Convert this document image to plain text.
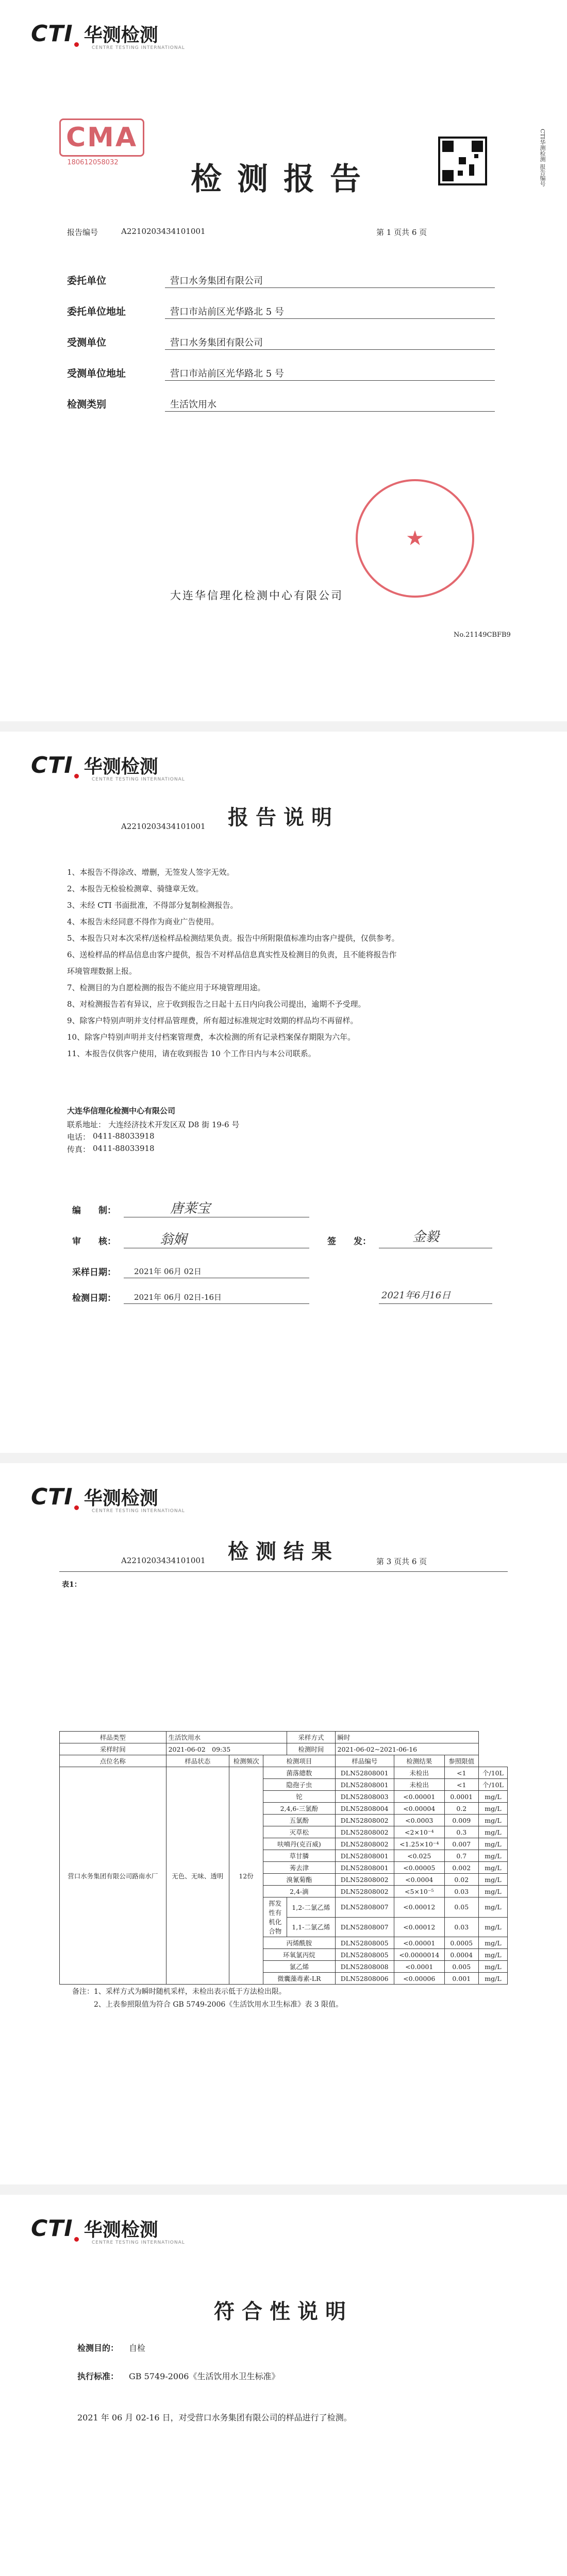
CTI 华测检测
CENTRE TESTING INTERNATIONAL
CMA
180612058032	检测报告	CTI华测检测 报告编号
报告编号	A2210203434101001	第 1 页共 6 页
委托单位	营口水务集团有限公司
委托单位地址	营口市站前区光华路北 5 号
受测单位	营口水务集团有限公司
受测单位地址	营口市站前区光华路北 5 号
检测类别	生活饮用水
★
大连华信理化检测中心有限公司
No.21149CBFB9
CTI 华测检测
CENTRE TESTING INTERNATIONAL
A2210203434101001	报告说明
1、本报告不得涂改、增删，无签发人签字无效。
2、本报告无检验检测章、骑缝章无效。
3、未经 CTI 书面批准，不得部分复制检测报告。
4、本报告未经同意不得作为商业广告使用。
5、本报告只对本次采样/送检样品检测结果负责。报告中所附限值标准均由客户提供，仅供参考。
6、送检样品的样品信息由客户提供，报告不对样品信息真实性及检测目的负责，且不能将报告作
环境管理数据上报。
7、检测目的为自愿检测的报告不能应用于环境管理用途。
8、对检测报告若有异议，应于收到报告之日起十五日内向我公司提出，逾期不予受理。
9、除客户特别声明并支付样品管理费，所有超过标准规定时效期的样品均不再留样。
10、除客户特别声明并支付档案管理费，本次检测的所有记录档案保存期限为六年。
11、本报告仅供客户使用，请在收到报告 10 个工作日内与本公司联系。
大连华信理化检测中心有限公司
联系地址： 大连经济技术开发区双 D8 街 19-6 号
电话： 0411-88033918
传真： 0411-88033918
编　　制：	唐莱宝
审　　核：	翁娴	签　　发：	金毅
采样日期： 2021年 06月 02日
检测日期： 2021年 06月 02日-16日	2021年6月16日
CTI 华测检测
CENTRE TESTING INTERNATIONAL
A2210203434101001	检测结果	第 3 页共 6 页
表1：
样品类型	生活饮用水			采样方式	瞬时			
采样时间	2021-06-02　09:35			检测时间	2021-06-02~2021-06-16			
点位名称	样品状态	检测频次	检测项目		样品编号	检测结果	参照限值	
营口水务集团有限公司路南水厂	无色、无味、透明	12份	菌落總数		DLN52808001	未检出	<1	个/10L
			隐孢子虫		DLN52808001	未检出	<1	个/10L
			铊		DLN52808003	<0.00001	0.0001	mg/L
			2,4,6-三氯酚		DLN52808004	<0.00004	0.2	mg/L
			五氯酚		DLN52808002	<0.0003	0.009	mg/L
			灭草松		DLN52808002	<2×10⁻⁴	0.3	mg/L
			呋喃丹(克百威)		DLN52808002	<1.25×10⁻⁴	0.007	mg/L
			草甘膦		DLN52808001	<0.025	0.7	mg/L
			莠去津		DLN52808001	<0.00005	0.002	mg/L
			溴氰菊酯		DLN52808002	<0.0004	0.02	mg/L
			2,4-滴		DLN52808002	<5×10⁻⁵	0.03	mg/L
			挥发性有机化合物	1,2-二氯乙烯	DLN52808007	<0.00012	0.05	mg/L
				1,1-二氯乙烯	DLN52808007	<0.00012	0.03	mg/L
			丙烯酰胺		DLN52808005	<0.00001	0.0005	mg/L
			环氧氯丙烷		DLN52808005	<0.0000014	0.0004	mg/L
			氯乙烯		DLN52808008	<0.0001	0.005	mg/L
			微囊藻毒素-LR		DLN52808006	<0.00006	0.001	mg/L
备注：1、采样方式为瞬时随机采样，未检出表示低于方法检出限。
　　　2、上表参照限值为符合 GB 5749-2006《生活饮用水卫生标准》表 3 限值。
CTI 华测检测
CENTRE TESTING INTERNATIONAL
符合性说明
检测目的： 自检
执行标准： GB 5749-2006《生活饮用水卫生标准》
2021 年 06 月 02-16 日，对受营口水务集团有限公司的样品进行了检测。
